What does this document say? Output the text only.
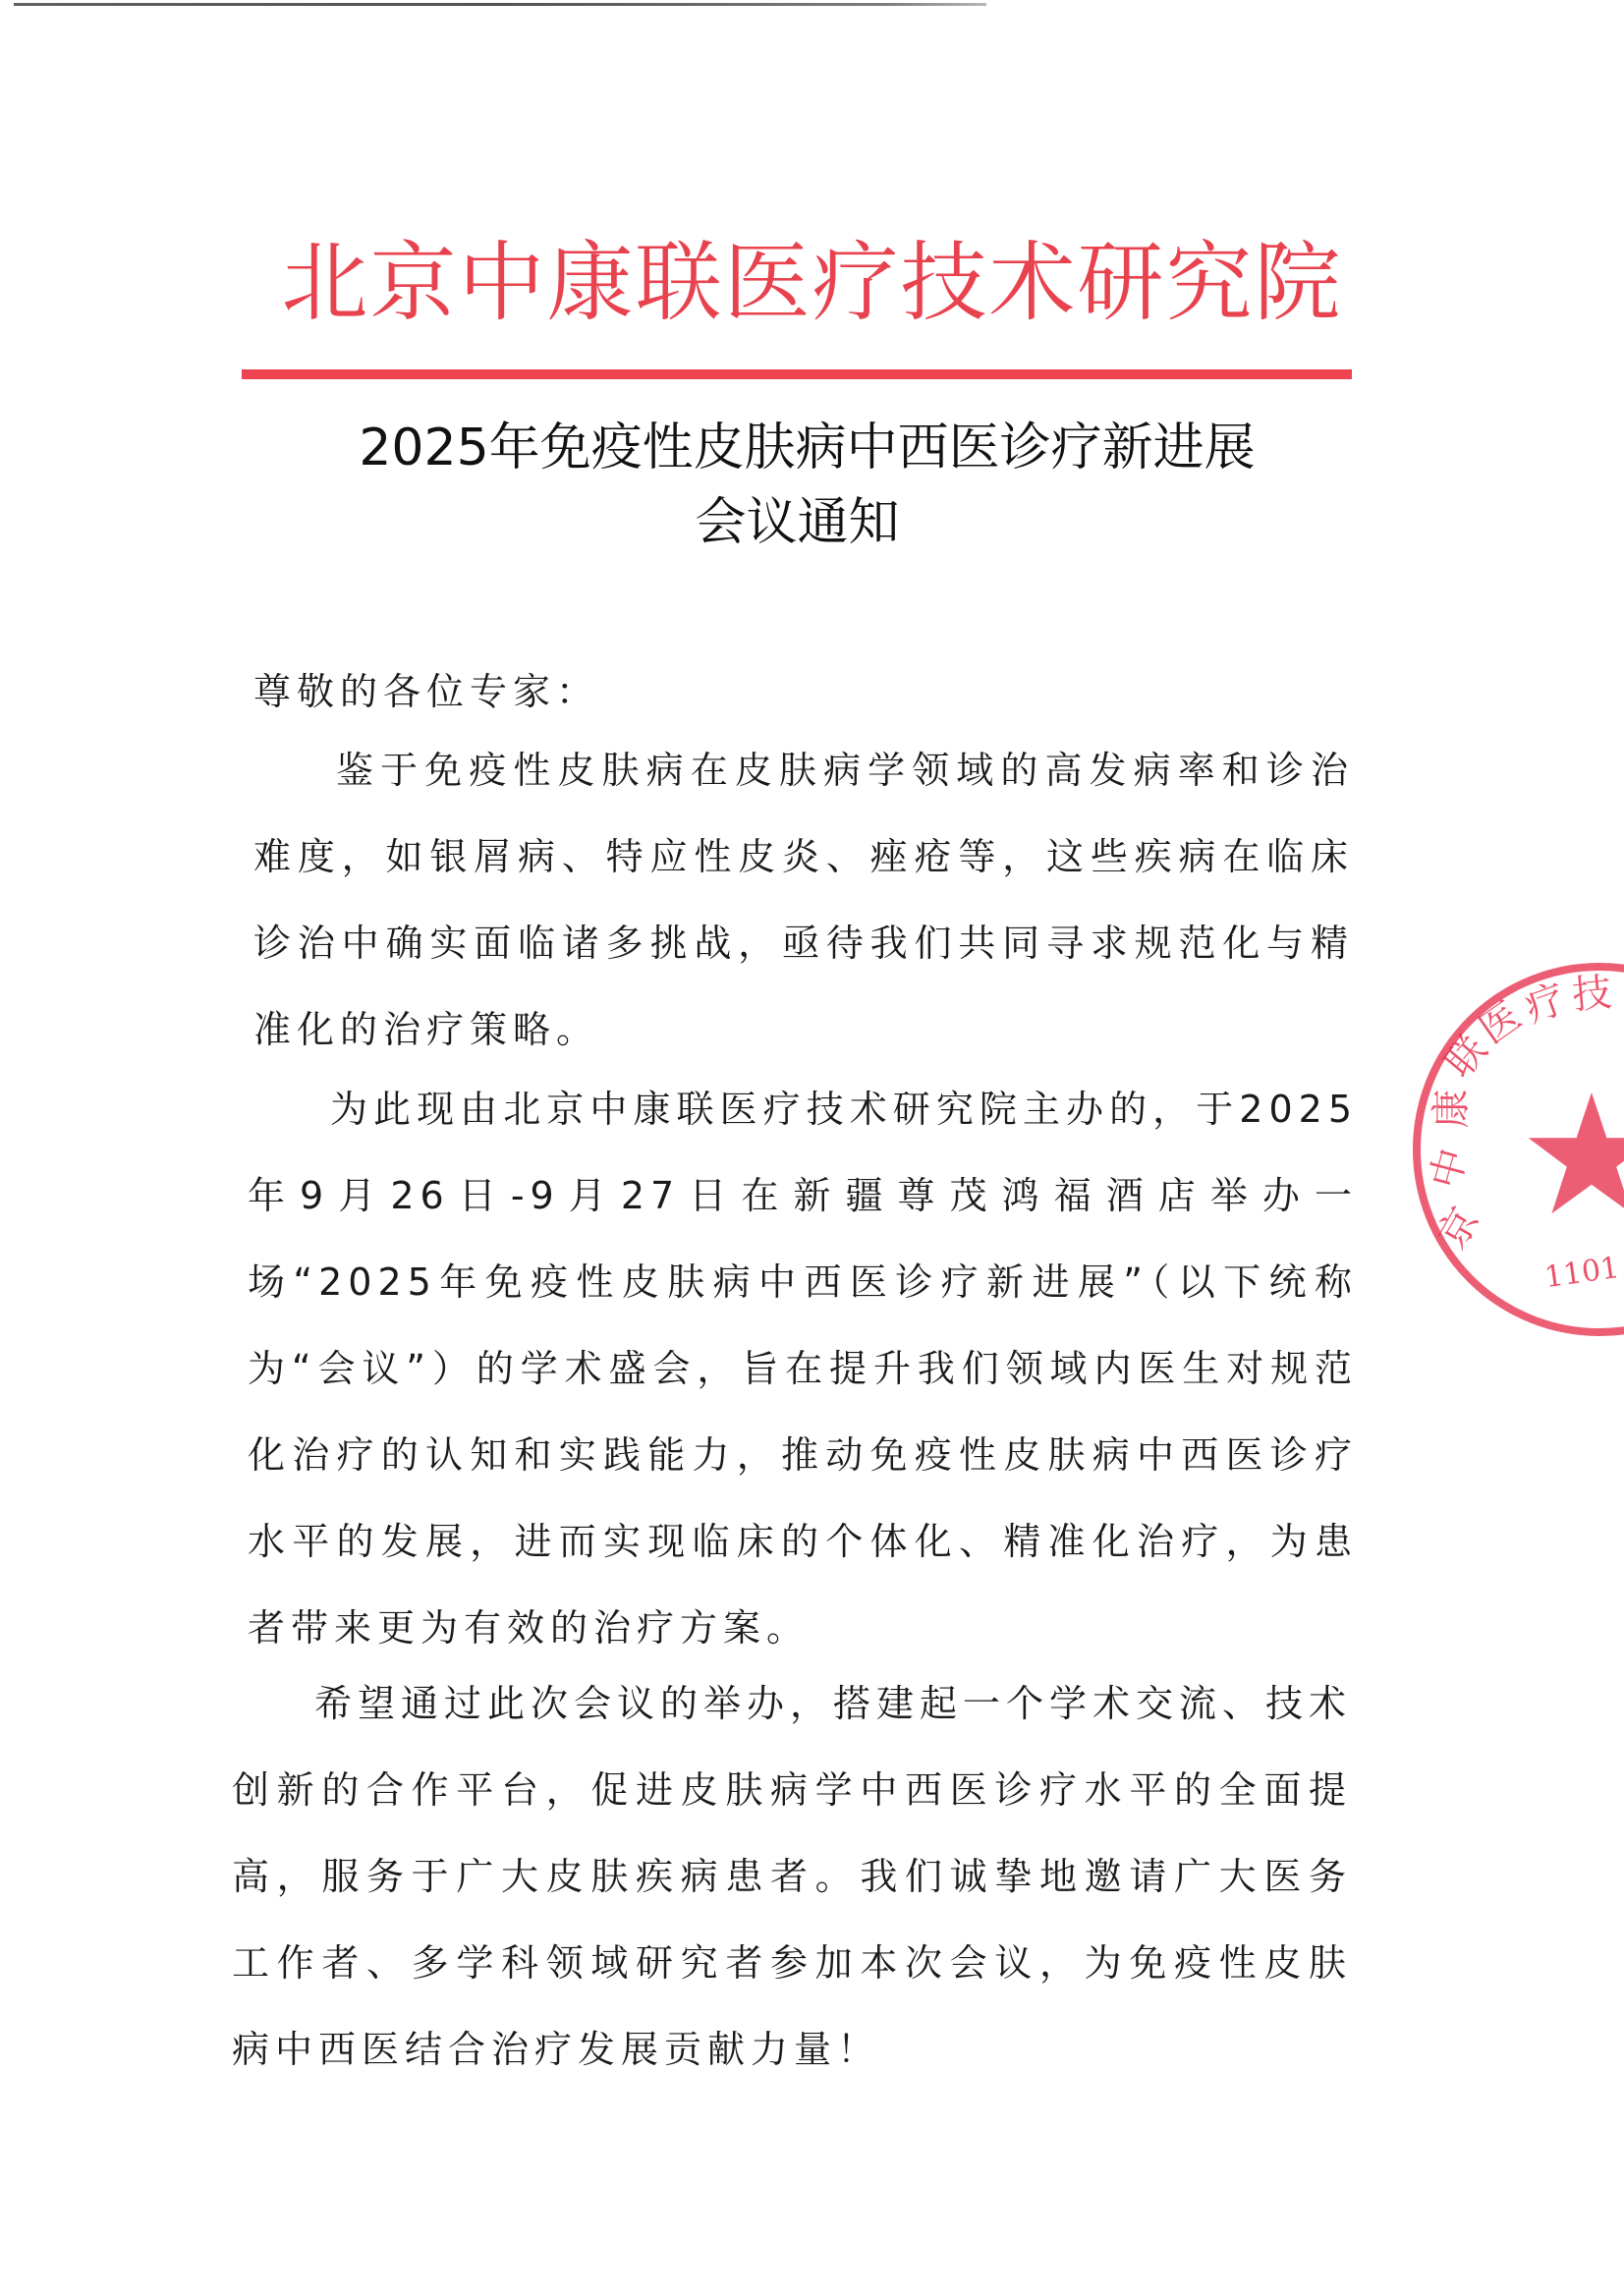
北京中康联医疗技术研究院
2025年免疫性皮肤病中西医诊疗新进展
会议通知
尊敬的各位专家：

鉴于免疫性皮肤病在皮肤病学领域的高发病率和诊治难度，如银屑病、特应性皮炎、痤疮等，这些疾病在临床诊治中确实面临诸多挑战，亟待我们共同寻求规范化与精准化的治疗策略。

为此现由北京中康联医疗技术研究院主办的，于2025年9月26日-9月27日在新疆尊茂鸿福酒店举办一场“2025年免疫性皮肤病中西医诊疗新进展”（以下统称为“会议”）的学术盛会，旨在提升我们领域内医生对规范化治疗的认知和实践能力，推动免疫性皮肤病中西医诊疗水平的发展，进而实现临床的个体化、精准化治疗，为患者带来更为有效的治疗方案。

希望通过此次会议的举办，搭建起一个学术交流、技术创新的合作平台，促进皮肤病学中西医诊疗水平的全面提高，服务于广大皮肤疾病患者。我们诚挚地邀请广大医务工作者、多学科领域研究者参加本次会议，为免疫性皮肤病中西医结合治疗发展贡献力量！

京
中
康
联
医
疗
技
1101
